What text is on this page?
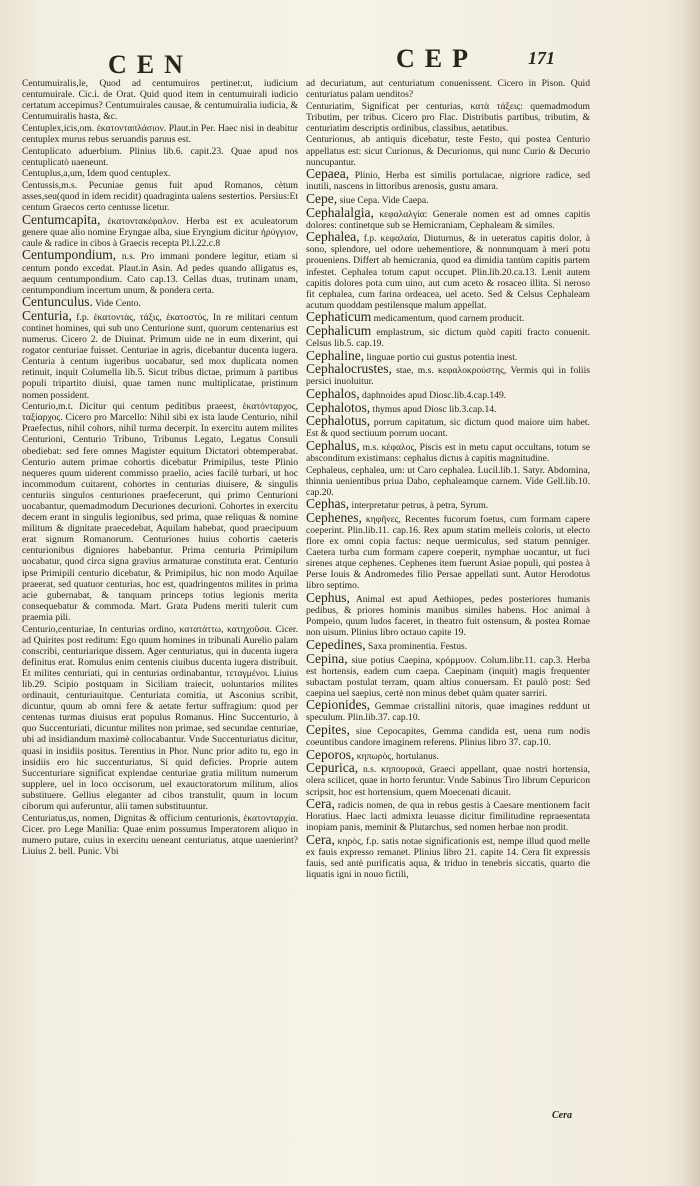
CEN	CEP	171

Centumuiralis,le, Quod ad centumuiros pertinet:ut, iudicium centumuirale. Cic.i. de Orat. Quid quod item in centumuirali iudicio certatum accepimus? Centumuirales causae, & centumuiralia iudicia, & Centumuiralis hasta, &c.

Centuplex,icis,om. ἑκατονταπλάσιον. Plaut.in Per. Haec nisi in deabitur centuplex murus rebus seruandis paruus est.

Centuplicato aduerbium. Plinius lib.6. capit.23. Quae apud nos centuplicatò uaeneunt.

Centuplus,a,um, Idem quod centuplex.

Centussis,m.s. Pecuniae genus fuit apud Romanos, cètum asses,seu(quod in idem recidit) quadraginta ualens sestertios. Persius:Et centum Graecos certo centusse licetur.

Centumcapita, ἑκατοντακέφαλον. Herba est ex aculeatorum genere quae alio nomine Eryngae alba, siue Eryngium dicitur ἠρύγγιον, caule & radice in cibos à Graecis recepta Pl.l.22.c.8

Centumpondium, n.s. Pro immani pondere legitur, etiam si centum pondo excedat. Plaut.in Asin. Ad pedes quando alligatus es, aequum centumpondium. Cato cap.13. Cellas duas, trutinam unam, centumpondium incertum unum, & pondera certa.

Centunculus. Vide Cento.

Centuria, f.p. ἑκατοντὰς, τάξις, ἑκατοστύς, In re militari centum continet homines, qui sub uno Centurione sunt, quorum centenarius est numerus. Cicero 2. de Diuinat. Primum uide ne in eum dixerint, qui rogator centuriae fuisset. Centuriae in agris, dicebantur ducenta iugera. Centuria à centum iugeribus uocabatur, sed mox duplicata nomen retinuit, inquit Columella lib.5. Sicut tribus dictae, primum à partibus populi tripartito diuisi, quae tamen nunc multiplicatae, pristinum nomen possident.

Centurio,m.t. Dicitur qui centum peditibus praeest, ἑκατόνταρχος, ταξίαρχος. Cicero pro Marcello: Nihil sibi ex ista laude Centurio, nihil Praefectus, nihil cohors, nihil turma decerpit. In exercitu autem milites Centurioni, Centurio Tribuno, Tribunus Legato, Legatus Consuli obediebat: sed fere omnes Magister equitum Dictatori obtemperabat. Centurio autem primae cohortis dicebatur Primipilus, teste Plinio nequeres quum uiderent commisso praelio, acies facilè turbari, ut hoc incommodum cuitarent, cohortes in centurias diuisere, & singulis centuriis singulos centuriones praefecerunt, qui primo Centurioni uocabantur, quemadmodum Decuriones decurioni. Cohortes in exercitu decem erant in singulis legionibus, sed prima, quae reliquas & nomine militum & dignitate praecedebat, Aquilam habebat, quod praecipuum erat signum Romanorum. Centuriones huius cohortis caeteris centurionibus digniores habebantur. Prima centuria Primipilum uocabatur, quod circa signa gravius armaturae constituta erat. Centurio ipse Primipili centurio dicebatur, & Primipilus, hic non modo Aquilae praeerat, sed quatuor centurias, hoc est, quadringentos milites in prima acie gubernabat, & tanquam princeps totius legionis merita consequebatur & commoda. Mart. Grata Pudens meriti tulerit cum praemia pili.

Centurio,centuriae, In centurias ordino, κατατάττω, κατηχοῦσα. Cicer. ad Quirites post reditum: Ego quum homines in tribunali Aurelio palam conscribi, centuriarique dissem. Ager centuriatus, qui in ducenta iugera definitus erat. Romulus enim centenis ciuibus ducenta iugera distribuit. Et milites centuriati, qui in centurias ordinabantur, τεταγμένοι. Liuius lib.29. Scipio postquam in Siciliam traiecit, uoluntarios milites ordinauit, centuriauitque. Centuriata comitia, ut Asconius scribit, dicuntur, quum ab omni fere & aetate fertur suffragium: quod per centenas turmas diuisus erat populus Romanus. Hinc Succenturio, à quo Succenturiati, dicuntur milites non primae, sed secundae centuriae, ubi ad insidiandum maximè collocabantur. Vnde Succenturiatus dicitur, quasi in insidiis positus. Terentius in Phor. Nunc prior adito tu, ego in insidiis ero hic succenturiatus, Si quid deficies. Proprie autem Succenturiare significat explendae centuriae gratia militum numerum supplere, uel in loco occisorum, uel exauctoratorum militum, alios substituere. Gellius eleganter ad cibos transtulit, quum in locum ciborum qui auferuntur, alii tamen substituuntur.

Centuriatus,us, nomen, Dignitas & officium centurionis, ἑκατονταρχία. Cicer. pro Lege Manilia: Quae enim possumus Imperatorem aliquo in numero putare, cuius in exercitu ueneant centuriatus, atque uaenierint? Liuius 2. bell. Punic. Vbi

ad decuriatum, aut centuriatum conuenissent. Cicero in Pison. Quid centuriatus palam uenditos?

Centuriatim, Significat per centurias, κατὰ τάξεις: quemadmodum Tributim, per tribus. Cicero pro Flac. Distributis partibus, tributim, & centuriatim descriptis ordinibus, classibus, aetatibus.

Centurionus, ab antiquis dicebatur, teste Festo, qui postea Centurio appellatus est: sicut Curionus, & Decurionus, qui nunc Curio & Decurio nuncupantur.

Cepaea, Plinio, Herba est similis portulacae, nigriore radice, sed inutili, nascens in littoribus arenosis, gustu amara.

Cepe, siue Cepa. Vide Caepa.

Cephalalgia, κεφαλαλγία: Generale nomen est ad omnes capitis dolores: continetque sub se Hemicraniam, Cephaleam & similes.

Cephalea, f.p. κεφαλαία, Diuturnus, & in ueteratus capitis dolor, à sono, splendore, uel odore uehementiore, & nonnunquam à meri potu proueniens. Differt ab hemicrania, quod ea dimidia tantùm capitis partem infestet. Cephalea totum caput occupet. Plin.lib.20.ca.13. Lenit autem capitis dolores pota cum uino, aut cum aceto & rosaceo illita. Si neroso fit cephalea, cum farina ordeacea, uel aceto. Sed & Celsus Cephaleam acutum quoddam pestilensque malum appellat.

Cephaticum medicamentum, quod carnem producit.

Cephalicum emplastrum, sic dictum quòd capiti fracto conuenit. Celsus lib.5. cap.19.

Cephaline, linguae portio cui gustus potentia inest.

Cephalocrustes, stae, m.s. κεφαλοκρούστης, Vermis qui in foliis persici inuoluitur.

Cephalos, daphnoides apud Diosc.lib.4.cap.149.

Cephalotos, thymus apud Diosc lib.3.cap.14.

Cephalotus, porrum capitatum, sic dictum quod maiore uim habet. Est & quod sectiuum porrum uocant.

Cephalus, m.s. κέφαλος, Piscis est in metu caput occultans, totum se absconditum existimans: cephalus dictus à capitis magnitudine.

Cephaleus, cephalea, um: ut Caro cephalea. Lucil.lib.1. Satyr. Abdomina, thinnia uenientibus priua Dabo, cephaleamque carnem. Vide Gell.lib.10. cap.20.

Cephas, interpretatur petrus, à petra, Syrum.

Cephenes, κηφῆνες, Recentes fucorum foetus, cum formam capere coeperint. Plin.lib.11. cap.16. Rex apum statim melleis coloris, ut electo flore ex omni copia factus: neque uermiculus, sed statum penniger. Caetera turba cum formam capere coeperit, nymphae uocantur, ut fuci sirenes atque cephenes. Cephenes item fuerunt Asiae populi, qui postea à Perse Iouis & Andromedes filio Persae appellati sunt. Autor Herodotus libro septimo.

Cephus, Animal est apud Aethiopes, pedes posteriores humanis pedibus, & priores hominis manibus similes habens. Hoc animal à Pompeio, quum ludos faceret, in theatro fuit ostensum, & postea Romae non uisum. Plinius libro octauo capite 19.

Cepedines, Saxa prominentia. Festus.

Cepina, siue potius Caepina, κρόμμυον. Colum.libr.11. cap.3. Herba est hortensis, eadem cum caepa. Caepinam (inquit) magis frequenter subactam postulat terram, quam altius conuersam. Et paulò post: Sed caepina uel saepius, certè non minus debet quàm quater sarriri.

Cepionides, Gemmae cristallini nitoris, quae imagines reddunt ut speculum. Plin.lib.37. cap.10.

Cepites, siue Cepocapites, Gemma candida est, uena rum nodis coeuntibus candore imaginem referens. Plinius libro 37. cap.10.

Ceporos, κηπωρὸς, hortulanus.

Cepurica, n.s. κηπουρικά, Graeci appellant, quae nostri hortensia, olera scilicet, quae in horto feruntur. Vnde Sabinus Tiro librum Cepuricon scripsit, hoc est hortensium, quem Moecenati dicauit.

Cera, radicis nomen, de qua in rebus gestis à Caesare mentionem facit Horatius. Haec lacti admixta leuasse dicitur fimilitudine repraesentata inopiam panis, meminit & Plutarchus, sed nomen herbae non prodit.

Cera, κηρὸς, f.p. satis notae significationis est, nempe illud quod melle ex fauis expresso remanet. Plinius libro 21. capite 14. Cera fit expressis fauis, sed antè purificatis aqua, & triduo in tenebris siccatis, quarto die liquatis igni in nouo fictili,

Cera
